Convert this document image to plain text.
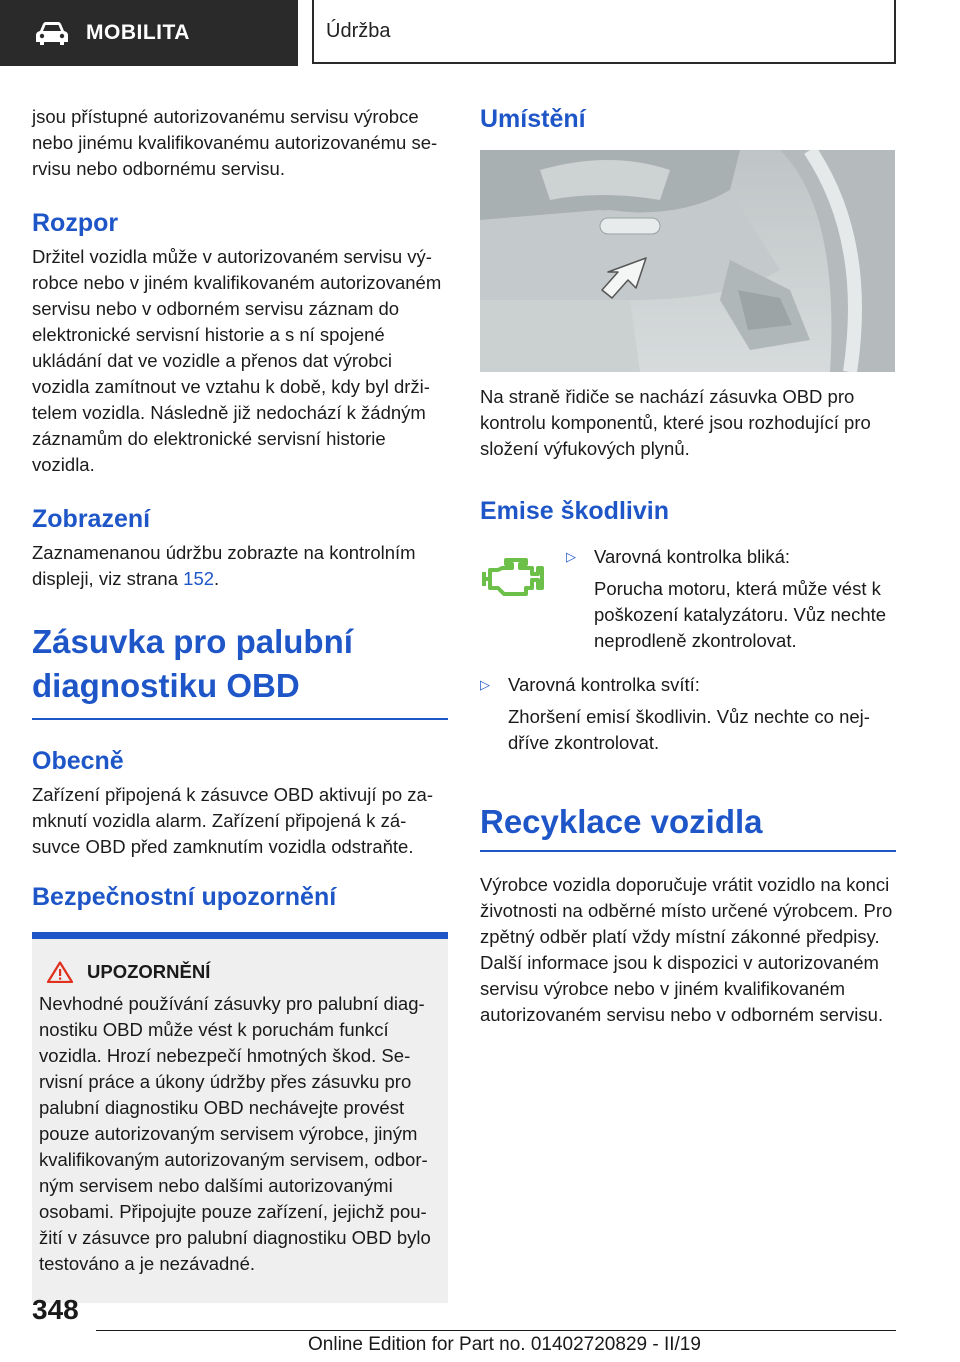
MOBILITA	Údržba

jsou přístupné autorizovanému servisu výrobce nebo jinému kvalifikovanému autorizovanému servisu nebo odbornému servisu.

Rozpor

Držitel vozidla může v autorizovaném servisu výrobce nebo v jiném kvalifikovaném autorizovaném servisu nebo v odborném servisu záznam do elektronické servisní historie a s ní spojené ukládání dat ve vozidle a přenos dat výrobci vozidla zamítnout ve vztahu k době, kdy byl držitelem vozidla. Následně již nedochází k žádným záznamům do elektronické servisní historie vozidla.

Zobrazení

Zaznamenanou údržbu zobrazte na kontrolním displeji, viz strana 152.

Zásuvka pro palubní diagnostiku OBD
Obecně

Zařízení připojená k zásuvce OBD aktivují po zamknutí vozidla alarm. Zařízení připojená k zásuvce OBD před zamknutím vozidla odstraňte.

Bezpečnostní upozornění
UPOZORNĚNÍ

Nevhodné používání zásuvky pro palubní diagnostiku OBD může vést k poruchám funkcí vozidla. Hrozí nebezpečí hmotných škod. Servisní práce a úkony údržby přes zásuvku pro palubní diagnostiku OBD nechávejte provést pouze autorizovaným servisem výrobce, jiným kvalifikovaným autorizovaným servisem, odborným servisem nebo dalšími autorizovanými osobami. Připojujte pouze zařízení, jejichž použití v zásuvce pro palubní diagnostiku OBD bylo testováno a je nezávadné.

Umístění

Na straně řidiče se nachází zásuvka OBD pro kontrolu komponentů, které jsou rozhodující pro složení výfukových plynů.

Emise škodlivin
▷ Varovná kontrolka bliká:
Porucha motoru, která může vést k poškození katalyzátoru. Vůz nechte neprodleně zkontrolovat.
▷ Varovná kontrolka svítí:
Zhoršení emisí škodlivin. Vůz nechte co nejdříve zkontrolovat.
Recyklace vozidla

Výrobce vozidla doporučuje vrátit vozidlo na konci životnosti na odběrné místo určené výrobcem. Pro zpětný odběr platí vždy místní zákonné předpisy. Další informace jsou k dispozici v autorizovaném servisu výrobce nebo v jiném kvalifikovaném autorizovaném servisu nebo v odborném servisu.

348
Online Edition for Part no. 01402720829 - II/19
